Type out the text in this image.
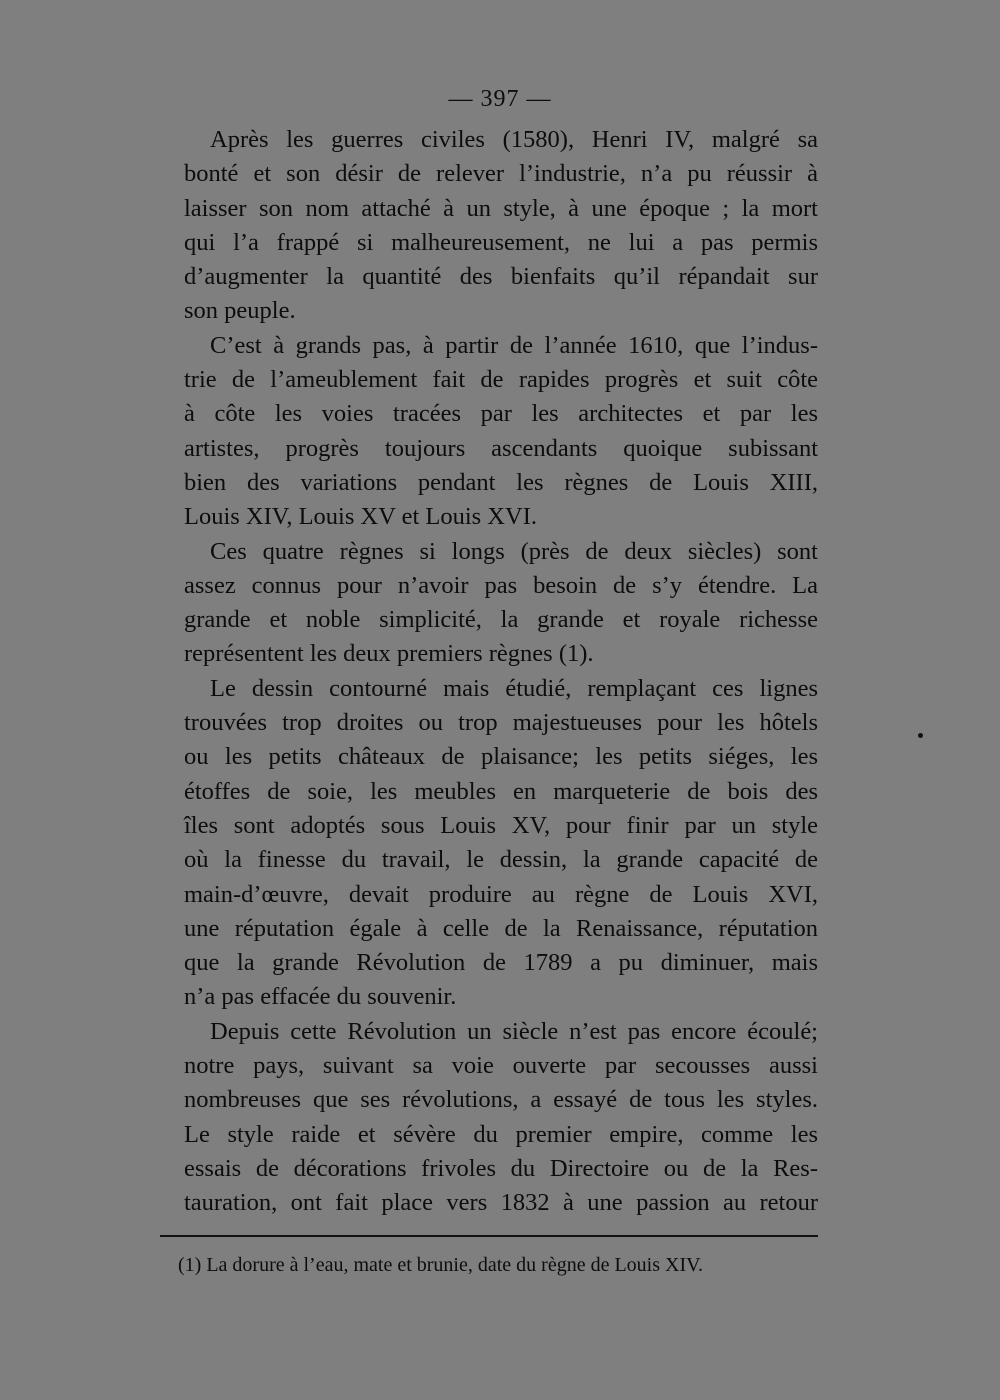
— 397 —

Après les guerres civiles (1580), Henri IV, malgré sa
bonté et son désir de relever l’industrie, n’a pu réussir à
laisser son nom attaché à un style, à une époque ; la mort
qui l’a frappé si malheureusement, ne lui a pas permis
d’augmenter la quantité des bienfaits qu’il répandait sur
son peuple.

C’est à grands pas, à partir de l’année 1610, que l’indus-
trie de l’ameublement fait de rapides progrès et suit côte
à côte les voies tracées par les architectes et par les
artistes, progrès toujours ascendants quoique subissant
bien des variations pendant les règnes de Louis XIII,
Louis XIV, Louis XV et Louis XVI.

Ces quatre règnes si longs (près de deux siècles) sont
assez connus pour n’avoir pas besoin de s’y étendre. La
grande et noble simplicité, la grande et royale richesse
représentent les deux premiers règnes (1).

Le dessin contourné mais étudié, remplaçant ces lignes
trouvées trop droites ou trop majestueuses pour les hôtels
ou les petits châteaux de plaisance; les petits siéges, les
étoffes de soie, les meubles en marqueterie de bois des
îles sont adoptés sous Louis XV, pour finir par un style
où la finesse du travail, le dessin, la grande capacité de
main-d’œuvre, devait produire au règne de Louis XVI,
une réputation égale à celle de la Renaissance, réputation
que la grande Révolution de 1789 a pu diminuer, mais
n’a pas effacée du souvenir.

Depuis cette Révolution un siècle n’est pas encore écoulé;
notre pays, suivant sa voie ouverte par secousses aussi
nombreuses que ses révolutions, a essayé de tous les styles.
Le style raide et sévère du premier empire, comme les
essais de décorations frivoles du Directoire ou de la Res-
tauration, ont fait place vers 1832 à une passion au retour

(1) La dorure à l’eau, mate et brunie, date du règne de Louis XIV.
